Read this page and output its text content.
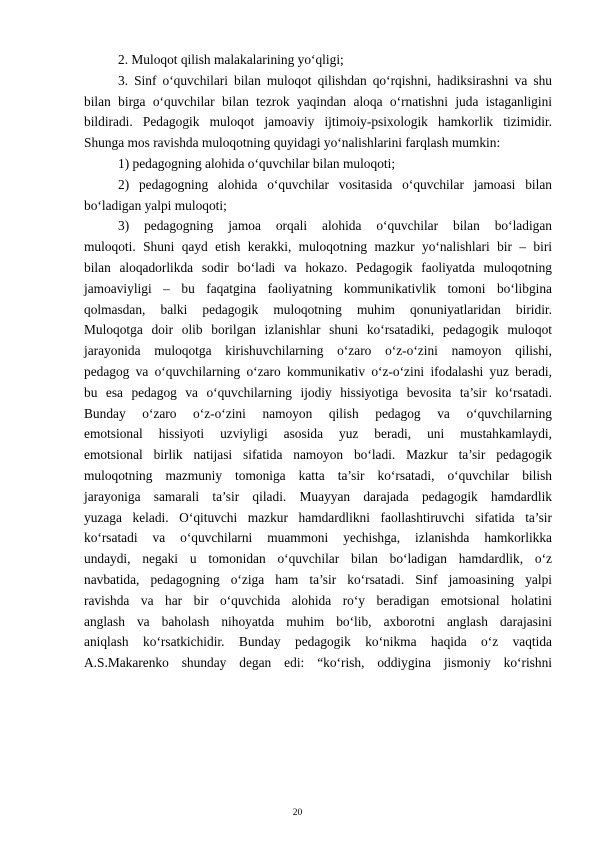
2. Muloqot qilish malakalarining yo‘qligi;
3. Sinf o‘quvchilari bilan muloqot qilishdan qo‘rqishni, hadiksirashni va shu
bilan birga o‘quvchilar bilan tezrok yaqindan aloqa o‘rnatishni juda istaganligini
bildiradi. Pedagogik muloqot jamoaviy ijtimoiy-psixologik hamkorlik tizimidir.
Shunga mos ravishda muloqotning quyidagi yo‘nalishlarini farqlash mumkin:
1) pedagogning alohida o‘quvchilar bilan muloqoti;
2) pedagogning alohida o‘quvchilar vositasida o‘quvchilar jamoasi bilan
bo‘ladigan yalpi muloqoti;
3) pedagogning jamoa orqali alohida o‘quvchilar bilan bo‘ladigan
muloqoti. Shuni qayd etish kerakki, muloqotning mazkur yo‘nalishlari bir – biri
bilan aloqadorlikda sodir bo‘ladi va hokazo. Pedagogik faoliyatda muloqotning
jamoaviyligi – bu faqatgina faoliyatning kommunikativlik tomoni bo‘libgina
qolmasdan, balki pedagogik muloqotning muhim qonuniyatlaridan biridir.
Muloqotga doir olib borilgan izlanishlar shuni ko‘rsatadiki, pedagogik muloqot
jarayonida muloqotga kirishuvchilarning o‘zaro o‘z-o‘zini namoyon qilishi,
pedagog va o‘quvchilarning o‘zaro kommunikativ o‘z-o‘zini ifodalashi yuz beradi,
bu esa pedagog va o‘quvchilarning ijodiy hissiyotiga bevosita ta’sir ko‘rsatadi.
Bunday o‘zaro o‘z-o‘zini namoyon qilish pedagog va o‘quvchilarning
emotsional hissiyoti uzviyligi asosida yuz beradi, uni mustahkamlaydi,
emotsional birlik natijasi sifatida namoyon bo‘ladi. Mazkur ta’sir pedagogik
muloqotning mazmuniy tomoniga katta ta’sir ko‘rsatadi, o‘quvchilar bilish
jarayoniga samarali ta’sir qiladi. Muayyan darajada pedagogik hamdardlik
yuzaga keladi. O‘qituvchi mazkur hamdardlikni faollashtiruvchi sifatida ta’sir
ko‘rsatadi va o‘quvchilarni muammoni yechishga, izlanishda hamkorlikka
undaydi, negaki u tomonidan o‘quvchilar bilan bo‘ladigan hamdardlik, o‘z
navbatida, pedagogning o‘ziga ham ta’sir ko‘rsatadi. Sinf jamoasining yalpi
ravishda va har bir o‘quvchida alohida ro‘y beradigan emotsional holatini
anglash va baholash nihoyatda muhim bo‘lib, axborotni anglash darajasini
aniqlash ko‘rsatkichidir. Bunday pedagogik ko‘nikma haqida o‘z vaqtida
A.S.Makarenko shunday degan edi: “ko‘rish, oddiygina jismoniy ko‘rishni
20
